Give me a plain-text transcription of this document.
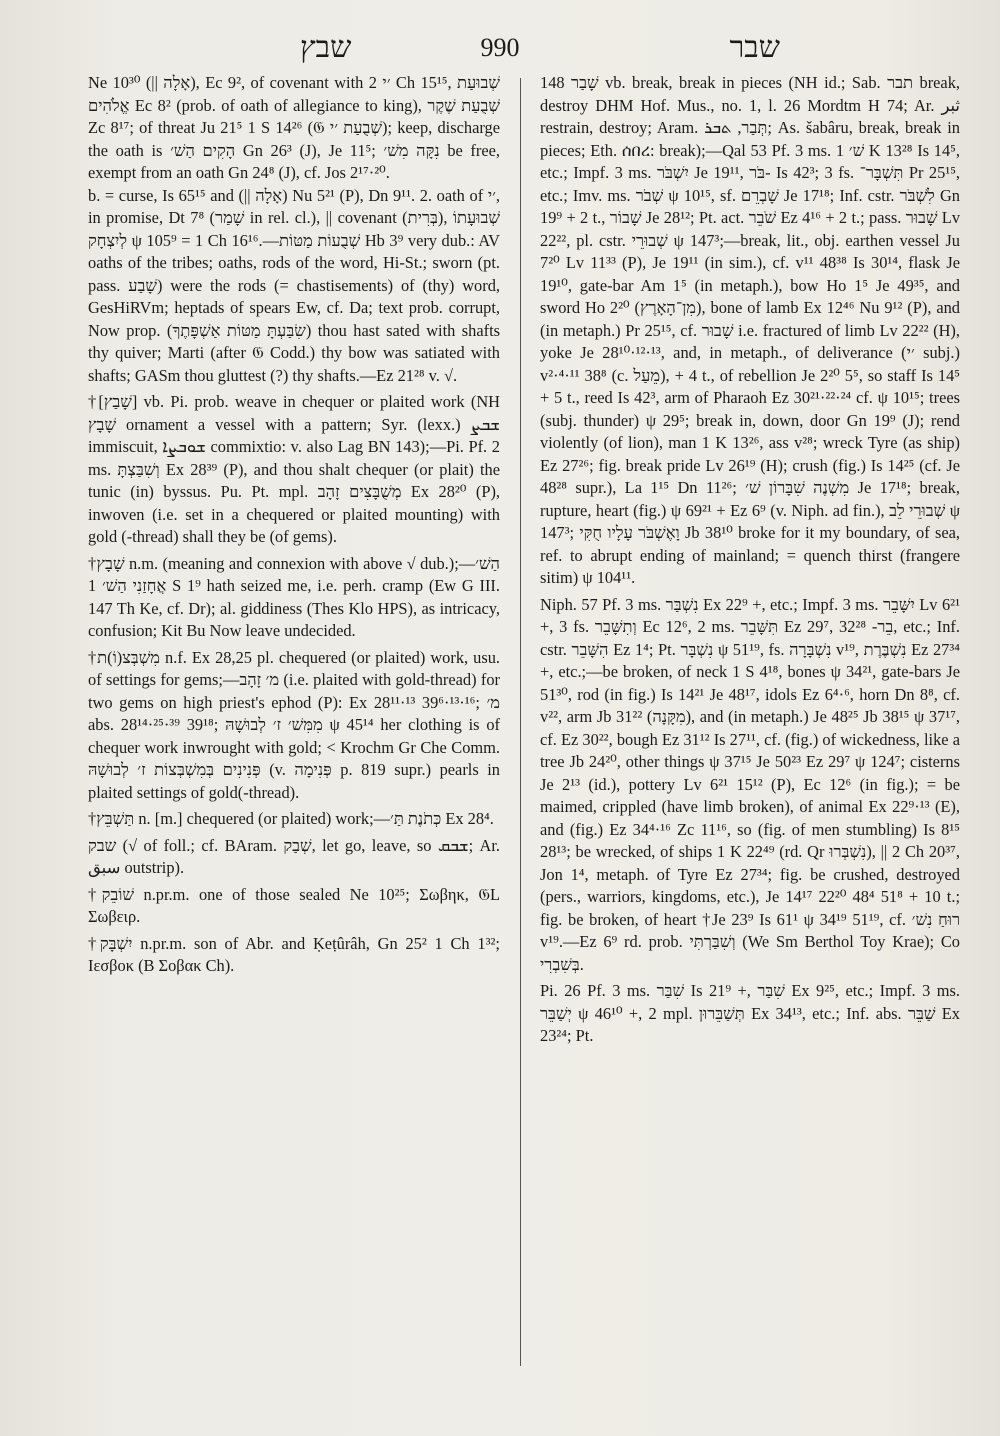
שבץ	990	שבר

Ne 10³⁰ (|| אָלָה), Ec 9², of covenant with ׳י 2 Ch 15¹⁵, שְׁבוּעַת אֱלֹהִים Ec 8² (prob. of oath of allegiance to king), שְׁבֻעַת שֶׁקֶר Zc 8¹⁷; of threat Ju 21⁵ 1 S 14²⁶ (𝔊 שְׁבֻעַת ׳י); keep, discharge the oath is הָקִים הַשׁ׳ Gn 26³ (J), Je 11⁵; נִקָּה מִשׁ׳ be free, exempt from an oath Gn 24⁸ (J), cf. Jos 2¹⁷·²⁰.

b. = curse, Is 65¹⁵ and (|| אָלָה) Nu 5²¹ (P), Dn 9¹¹. 2. oath of ׳י, in promise, Dt 7⁸ (שָׁמַר in rel. cl.), || covenant (בְּרִית), שְׁבוּעָתוֹ לְיִצְחָק ψ 105⁹ = 1 Ch 16¹⁶.—שְׁבֻעוֹת מַטּוֹת Hb 3⁹ very dub.: AV oaths of the tribes; oaths, rods of the word, Hi-St.; sworn (pt. pass. שָׁבַע) were the rods (= chastisements) of (thy) word, GesHiRVm; heptads of spears Ew, cf. Da; text prob. corrupt, Now prop. (שִׂבַּעְתָּ מַטּוֹת אַשְׁפָּתֶךָ) thou hast sated with shafts thy quiver; Marti (after 𝔊 Codd.) thy bow was satiated with shafts; GASm thou gluttest (?) thy shafts.—Ez 21²⁸ v. √.

†[שָׁבַץ] vb. Pi. prob. weave in chequer or plaited work (NH שָׁבָץ ornament a vessel with a pattern; Syr. (lexx.) ܫܒܨ immiscuit, ܫܘܒܨܐ commixtio: v. also Lag BN 143);—Pi. Pf. 2 ms. וְשִׁבַּצְתָּ Ex 28³⁹ (P), and thou shalt chequer (or plait) the tunic (in) byssus. Pu. Pt. mpl. מְשֻׁבָּצִים זָהָב Ex 28²⁰ (P), inwoven (i.e. set in a chequered or plaited mounting) with gold (-thread) shall they be (of gems).

†שָׁבָץ n.m. (meaning and connexion with above √ dub.);—הַשׁ׳ אֲחָזַנִי הַשׁ׳ 1 S 1⁹ hath seized me, i.e. perh. cramp (Ew G III. 147 Th Ke, cf. Dr); al. giddiness (Thes Klo HPS), as intricacy, confusion; Kit Bu Now leave undecided.

†מִשְׁבְּצ(וֹ)ת n.f. Ex 28,25 pl. chequered (or plaited) work, usu. of settings for gems;—מ׳ זָהָב (i.e. plaited with gold-thread) for two gems on high priest's ephod (P): Ex 28¹¹·¹³ 39⁶·¹³·¹⁶; מ׳ abs. 28¹⁴·²⁵·³⁹ 39¹⁸; מִמִּשׁ׳ ז׳ לְבוּשָׁהּ ψ 45¹⁴ her clothing is of chequer work inwrought with gold; < Krochm Gr Che Comm. פְּנִינִים בְּמִשְׁבְּצוֹת ז׳ לְבוּשָׁהּ (v. פְּנִימָה p. 819 supr.) pearls in plaited settings of gold(-thread).

†תַּשְׁבֵּץ n. [m.] chequered (or plaited) work;—כְּתֹנֶת תַּ׳ Ex 28⁴.

שבק (√ of foll.; cf. BAram. שְׁבַק, let go, leave, so ܫܒܩ; Ar. سبق outstrip).

†שׁוֹבֵק n.pr.m. one of those sealed Ne 10²⁵; Σωβηκ, 𝔊L Σωβειρ.

†יִשְׁבָּק n.pr.m. son of Abr. and Ḳeṭûrâh, Gn 25² 1 Ch 1³²; Ιεσβοκ (B Σοβακ Ch).

שָׁבַר 148 vb. break, break in pieces (NH id.; Sab. תבר break, destroy DHM Hof. Mus., no. 1, l. 26 Mordtm H 74; Ar. ثبر restrain, destroy; Aram. תְּבַר, ܬܒܪ; As. šabâru, break, break in pieces; Eth. ሰበረ: break);—Qal 53 Pf. 3 ms. שׁ׳ 1 K 13²⁸ Is 14⁵, etc.; Impf. 3 ms. יִשְׁבֹּר Je 19¹¹, בֹּר- Is 42³; 3 fs. תִּשְׁבָּר־ Pr 25¹⁵, etc.; Imv. ms. שְׁבֹר ψ 10¹⁵, sf. שָׁבְרֵם Je 17¹⁸; Inf. cstr. לִשְׁבֹּר Gn 19⁹ + 2 t., שָׁבוֹר Je 28¹²; Pt. act. שֹׁבֵר Ez 4¹⁶ + 2 t.; pass. שָׁבוּר Lv 22²², pl. cstr. שְׁבוּרֵי ψ 147³;—break, lit., obj. earthen vessel Ju 7²⁰ Lv 11³³ (P), Je 19¹¹ (in sim.), cf. v¹¹ 48³⁸ Is 30¹⁴, flask Je 19¹⁰, gate-bar Am 1⁵ (in metaph.), bow Ho 1⁵ Je 49³⁵, and sword Ho 2²⁰ (מִן־הָאָרֶץ), bone of lamb Ex 12⁴⁶ Nu 9¹² (P), and (in metaph.) Pr 25¹⁵, cf. שָׁבוּר i.e. fractured of limb Lv 22²² (H), yoke Je 28¹⁰·¹²·¹³, and, in metaph., of deliverance (׳י subj.) v²·⁴·¹¹ 38⁸ (c. מֵעַל), + 4 t., of rebellion Je 2²⁰ 5⁵, so staff Is 14⁵ + 5 t., reed Is 42³, arm of Pharaoh Ez 30²¹·²²·²⁴ cf. ψ 10¹⁵; trees (subj. thunder) ψ 29⁵; break in, down, door Gn 19⁹ (J); rend violently (of lion), man 1 K 13²⁶, ass v²⁸; wreck Tyre (as ship) Ez 27²⁶; fig. break pride Lv 26¹⁹ (H); crush (fig.) Is 14²⁵ (cf. Je 48²⁸ supr.), La 1¹⁵ Dn 11²⁶; מִשְׁנֶה שִׁבָּרוֹן שׁ׳ Je 17¹⁸; break, rupture, heart (fig.) ψ 69²¹ + Ez 6⁹ (v. Niph. ad fin.), שְׁבוּרֵי לֵב ψ 147³; וָאֶשְׁבֹּר עָלָיו חֻקִּי Jb 38¹⁰ broke for it my boundary, of sea, ref. to abrupt ending of mainland; = quench thirst (frangere sitim) ψ 104¹¹.

Niph. 57 Pf. 3 ms. נִשְׁבַּר Ex 22⁹ +, etc.; Impf. 3 ms. יִשָּׁבֵר Lv 6²¹ +, 3 fs. וְתִשָּׁבֵר Ec 12⁶, 2 ms. תִּשָּׁבֵר Ez 29⁷, בֵר- 32²⁸, etc.; Inf. cstr. הִשָּׁבֵר Ez 1⁴; Pt. נִשְׁבָּר ψ 51¹⁹, fs. נִשְׁבָּרָה v¹⁹, נִשְׁבֶּרֶת Ez 27³⁴ +, etc.;—be broken, of neck 1 S 4¹⁸, bones ψ 34²¹, gate-bars Je 51³⁰, rod (in fig.) Is 14²¹ Je 48¹⁷, idols Ez 6⁴·⁶, horn Dn 8⁸, cf. v²², arm Jb 31²² (מִקָּנָה), and (in metaph.) Je 48²⁵ Jb 38¹⁵ ψ 37¹⁷, cf. Ez 30²², bough Ez 31¹² Is 27¹¹, cf. (fig.) of wickedness, like a tree Jb 24²⁰, other things ψ 37¹⁵ Je 50²³ Ez 29⁷ ψ 124⁷; cisterns Je 2¹³ (id.), pottery Lv 6²¹ 15¹² (P), Ec 12⁶ (in fig.); = be maimed, crippled (have limb broken), of animal Ex 22⁹·¹³ (E), and (fig.) Ez 34⁴·¹⁶ Zc 11¹⁶, so (fig. of men stumbling) Is 8¹⁵ 28¹³; be wrecked, of ships 1 K 22⁴⁹ (rd. Qr נִשְׁבְּרוּ), || 2 Ch 20³⁷, Jon 1⁴, metaph. of Tyre Ez 27³⁴; fig. be crushed, destroyed (pers., warriors, kingdoms, etc.), Je 14¹⁷ 22²⁰ 48⁴ 51⁸ + 10 t.; fig. be broken, of heart †Je 23⁹ Is 61¹ ψ 34¹⁹ 51¹⁹, cf. רוּחַ נִשׁ׳ v¹⁹.—Ez 6⁹ rd. prob. וְשִׁבַּרְתִּי (We Sm Berthol Toy Krae); Co בְּשִׁבְרִי.

Pi. 26 Pf. 3 ms. שִׁבַּר Is 21⁹ +, שִׁבַּר Ex 9²⁵, etc.; Impf. 3 ms. יְשַׁבֵּר ψ 46¹⁰ +, 2 mpl. תְּשַׁבֵּרוּן Ex 34¹³, etc.; Inf. abs. שַׁבֵּר Ex 23²⁴; Pt.
